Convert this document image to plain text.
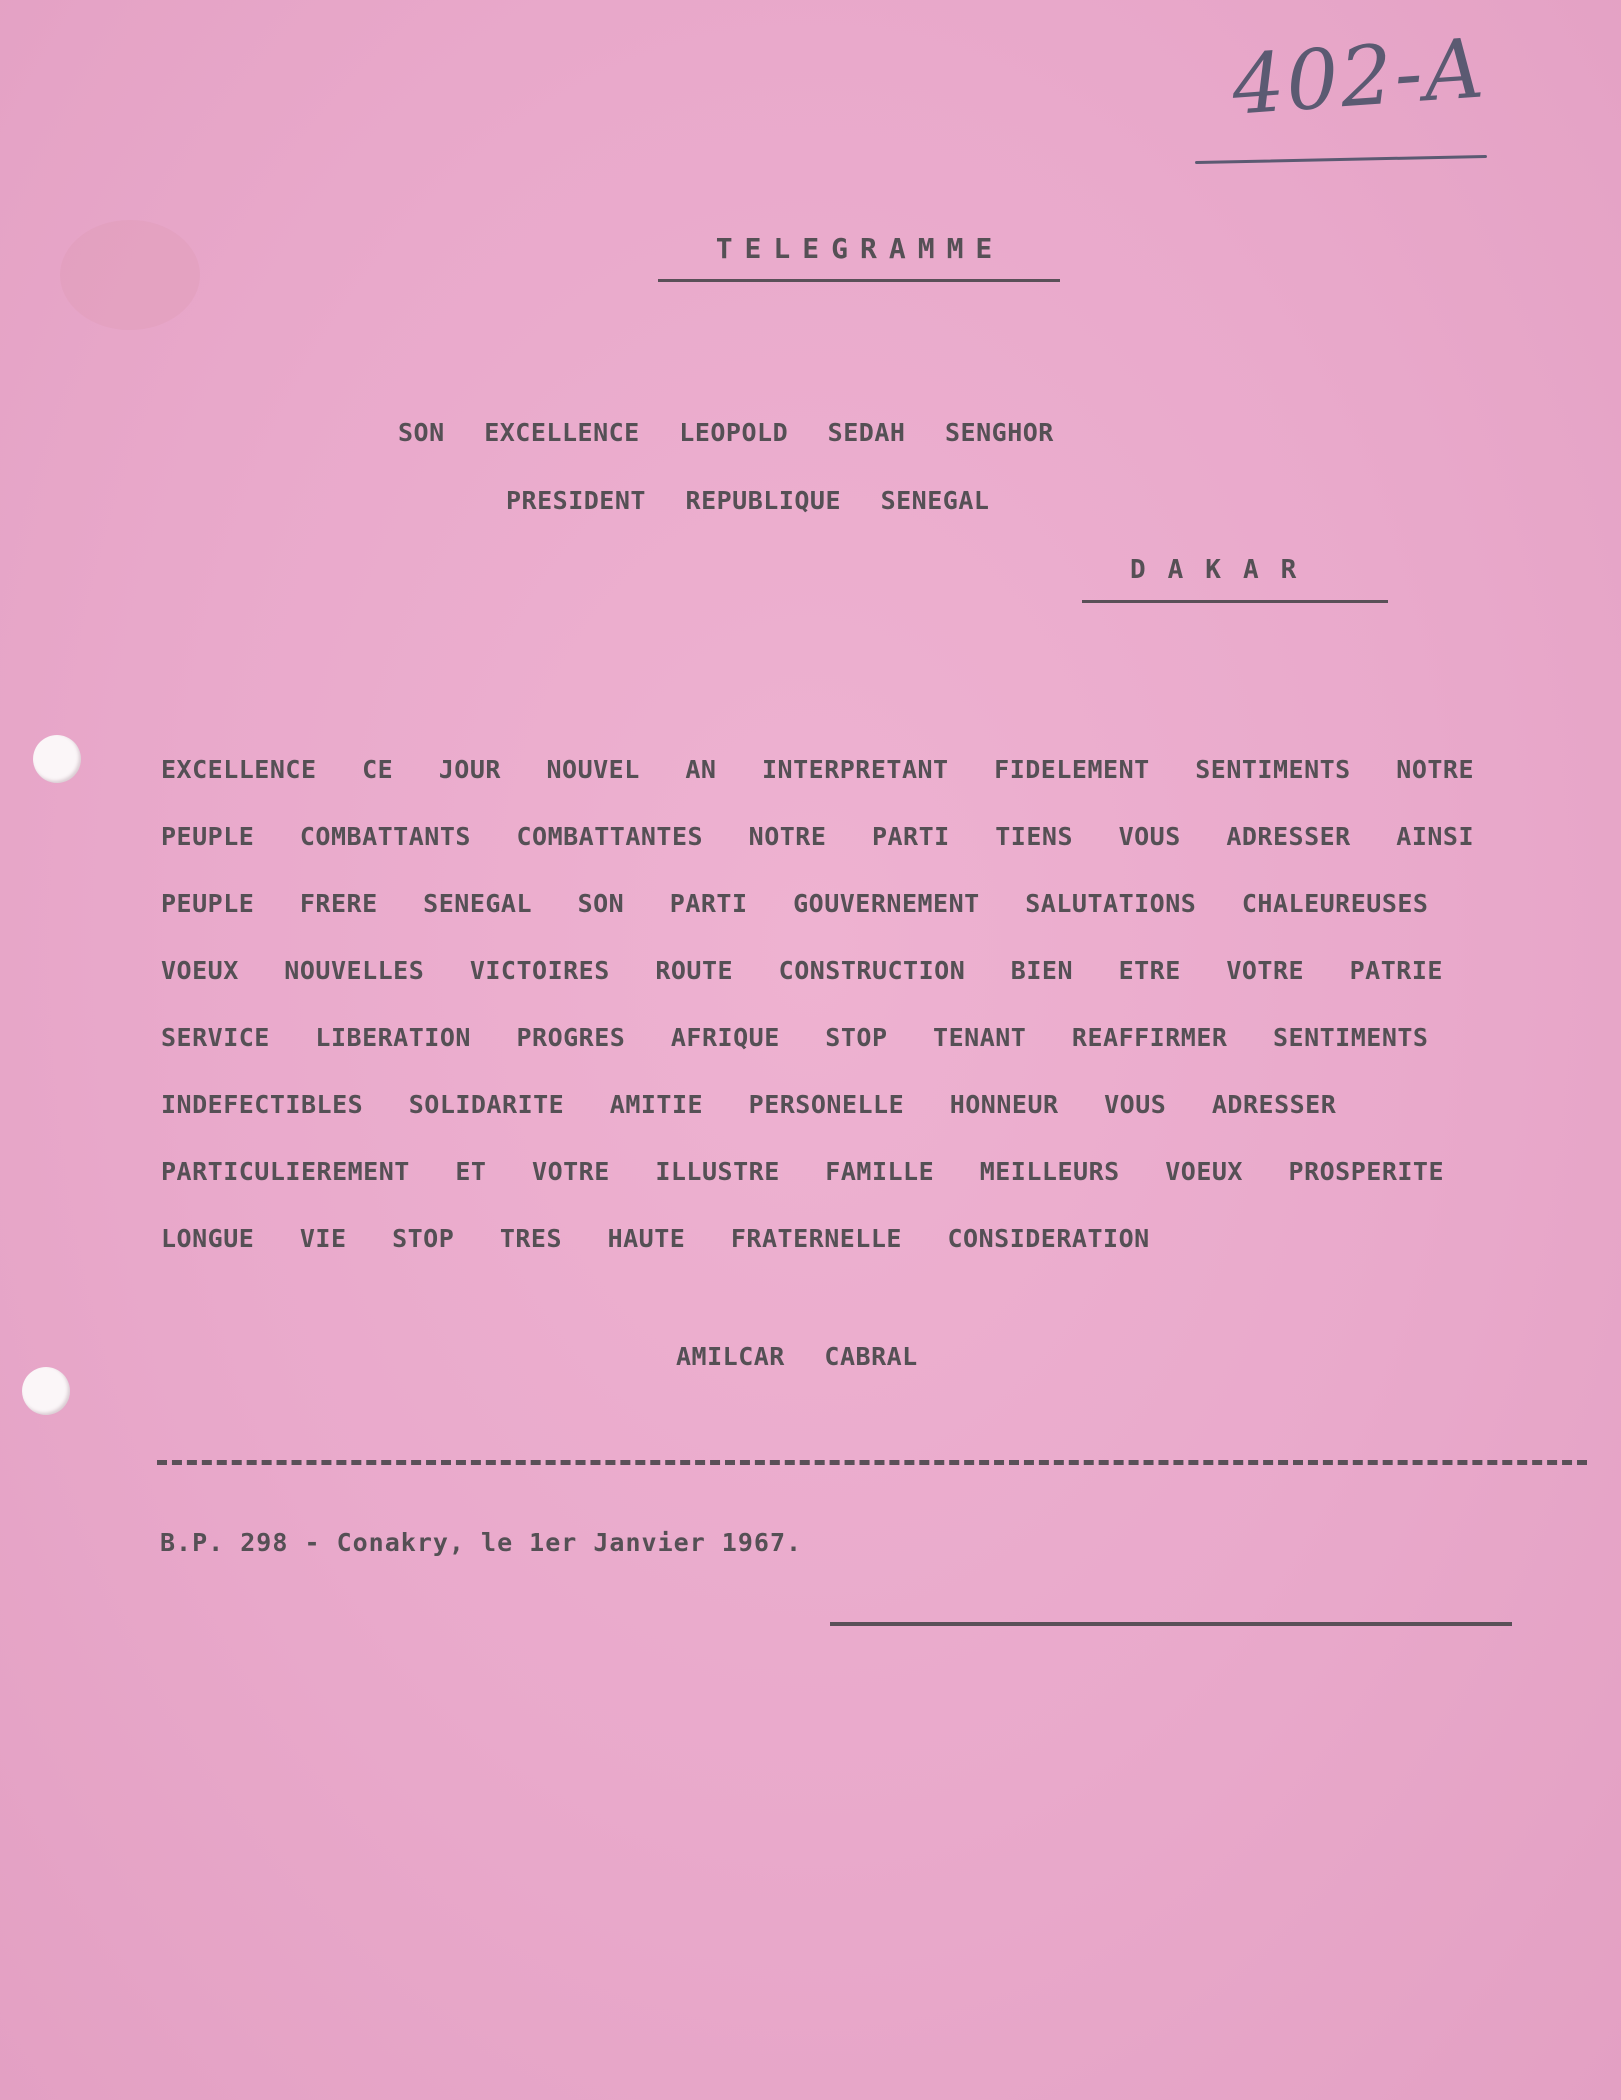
402-A
TELEGRAMME
SON EXCELLENCE LEOPOLD SEDAH SENGHOR
PRESIDENT REPUBLIQUE SENEGAL
DAKAR
EXCELLENCE CE JOUR NOUVEL AN INTERPRETANT FIDELEMENT SENTIMENTS NOTRE
PEUPLE COMBATTANTS COMBATTANTES NOTRE PARTI TIENS VOUS ADRESSER AINSI
PEUPLE FRERE SENEGAL SON PARTI GOUVERNEMENT SALUTATIONS CHALEUREUSES
VOEUX NOUVELLES VICTOIRES ROUTE CONSTRUCTION BIEN ETRE VOTRE PATRIE
SERVICE LIBERATION PROGRES AFRIQUE STOP TENANT REAFFIRMER SENTIMENTS
INDEFECTIBLES SOLIDARITE AMITIE PERSONELLE HONNEUR VOUS ADRESSER
PARTICULIEREMENT ET VOTRE ILLUSTRE FAMILLE MEILLEURS VOEUX PROSPERITE
LONGUE VIE STOP TRES HAUTE FRATERNELLE CONSIDERATION
AMILCAR CABRAL
B.P. 298 - Conakry, le 1er Janvier 1967.
